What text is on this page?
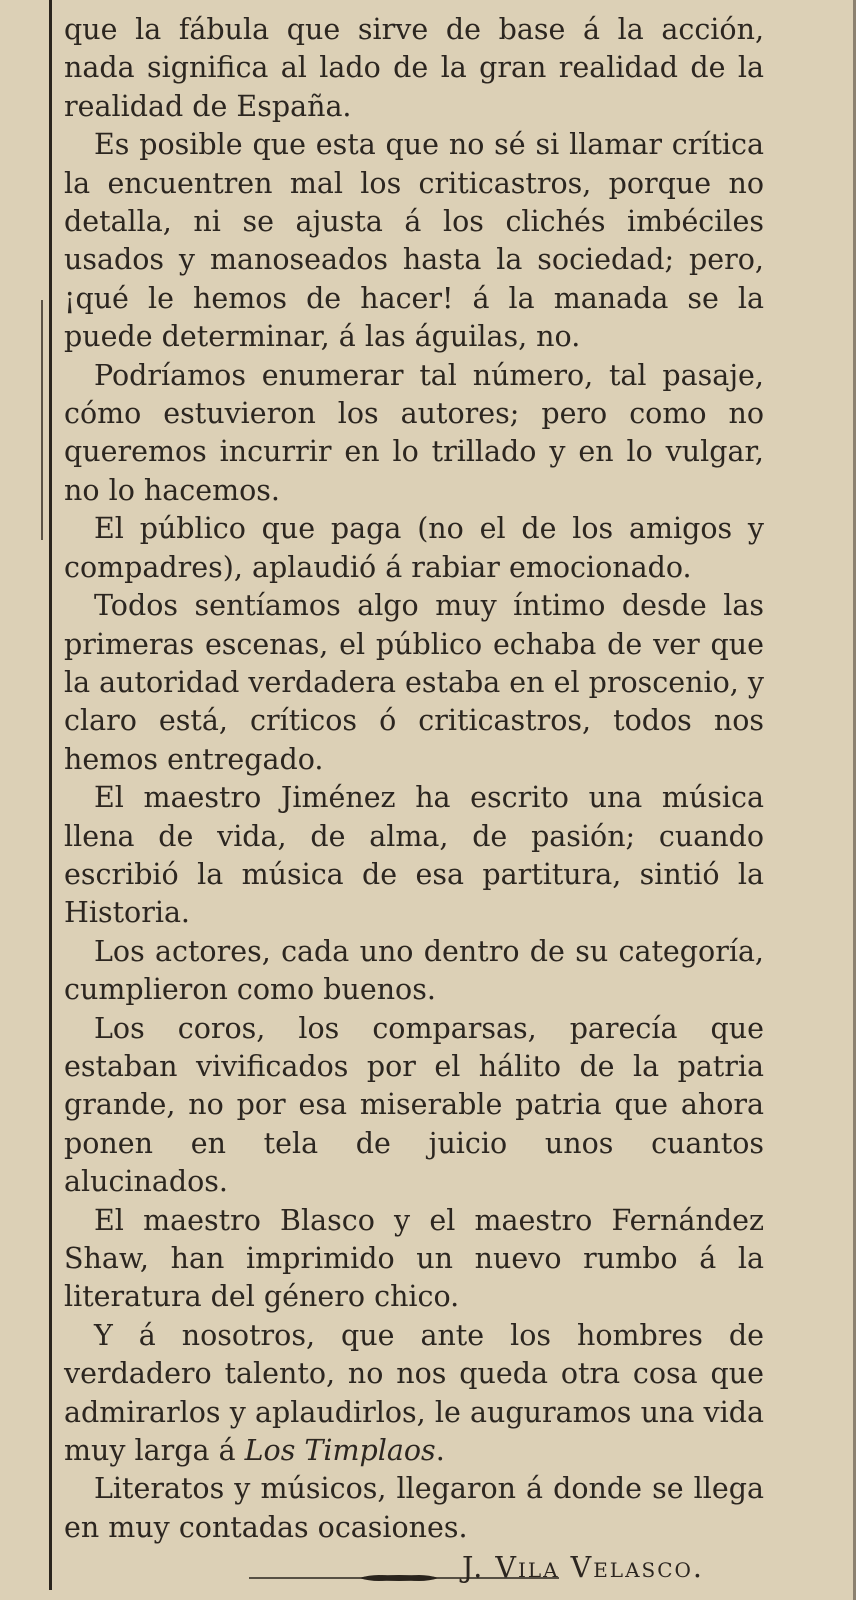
que la fábula que sirve de base á la acción, nada significa al lado de la gran realidad de la realidad de España.

Es posible que esta que no sé si llamar crítica la encuentren mal los criticastros, porque no detalla, ni se ajusta á los clichés imbéciles usados y manoseados hasta la sociedad; pero, ¡qué le hemos de hacer! á la manada se la puede determinar, á las águilas, no.

Podríamos enumerar tal número, tal pasaje, cómo estuvieron los autores; pero como no queremos incurrir en lo trillado y en lo vulgar, no lo hacemos.

El público que paga (no el de los amigos y compadres), aplaudió á rabiar emocionado.

Todos sentíamos algo muy íntimo desde las primeras escenas, el público echaba de ver que la autoridad verdadera estaba en el proscenio, y claro está, críticos ó criticastros, todos nos hemos entregado.

El maestro Jiménez ha escrito una música llena de vida, de alma, de pasión; cuando escribió la música de esa partitura, sintió la Historia.

Los actores, cada uno dentro de su categoría, cumplieron como buenos.

Los coros, los comparsas, parecía que estaban vivificados por el hálito de la patria grande, no por esa miserable patria que ahora ponen en tela de juicio unos cuantos alucinados.

El maestro Blasco y el maestro Fernández Shaw, han imprimido un nuevo rumbo á la literatura del género chico.

Y á nosotros, que ante los hombres de verdadero talento, no nos queda otra cosa que admirarlos y aplaudirlos, le auguramos una vida muy larga á Los Timplaos.

Literatos y músicos, llegaron á donde se llega en muy contadas ocasiones.

J. Vila Velasco.
